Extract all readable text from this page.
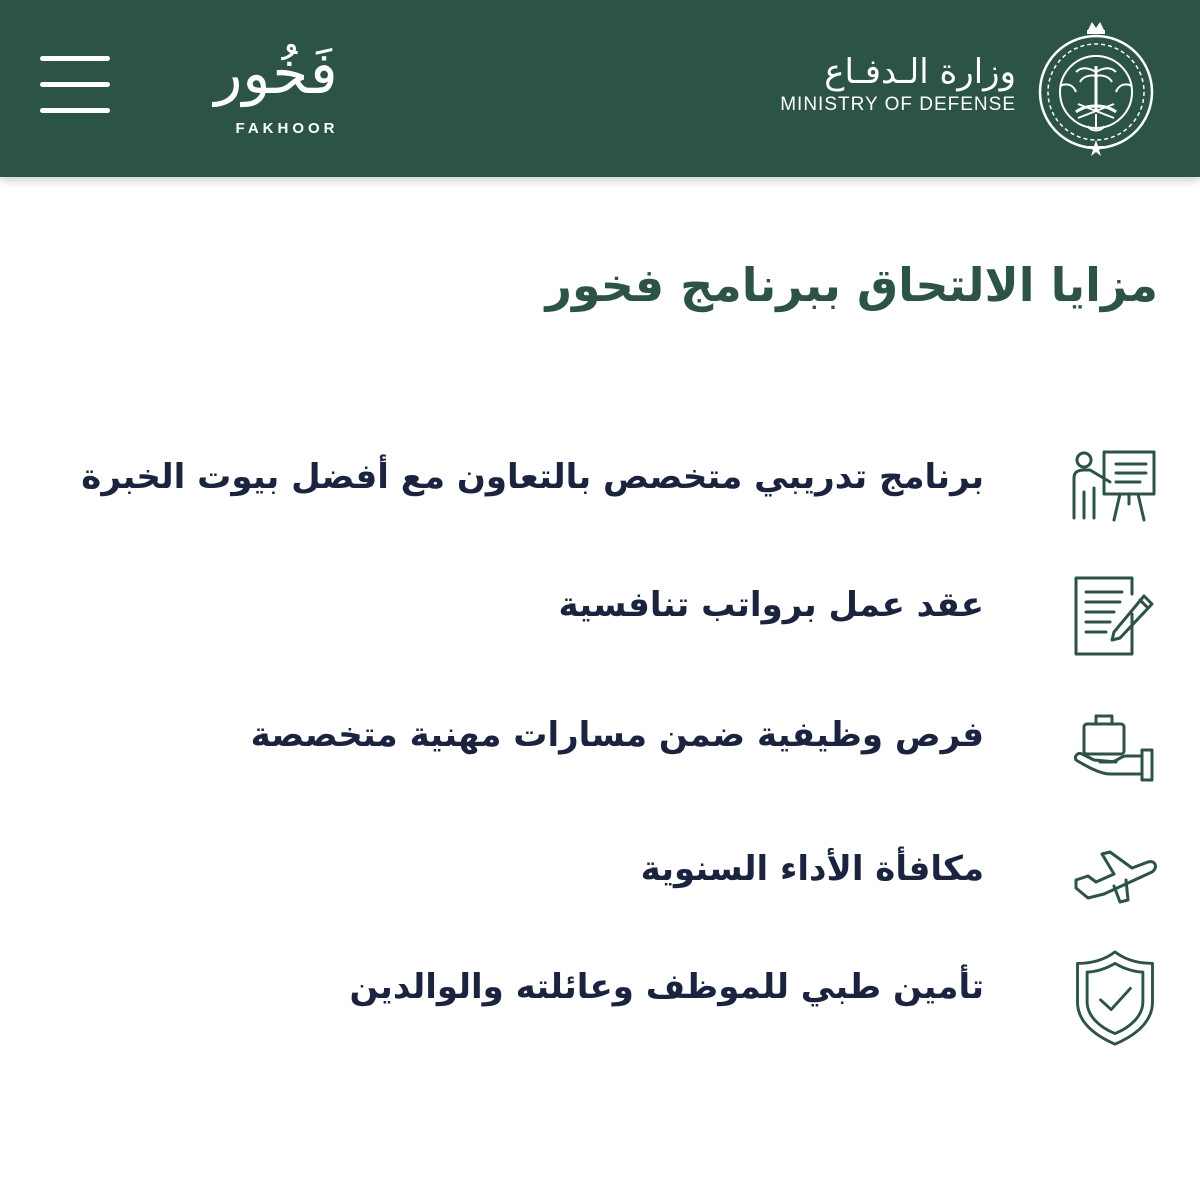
فَخُور
FAKHOOR
وزارة الـدفـاع
MINISTRY OF DEFENSE
مزايا الالتحاق ببرنامج فخور
برنامج تدريبي متخصص بالتعاون مع أفضل بيوت الخبرة
عقد عمل برواتب تنافسية
فرص وظيفية ضمن مسارات مهنية متخصصة
مكافأة الأداء السنوية
تأمين طبي للموظف وعائلته والوالدين
